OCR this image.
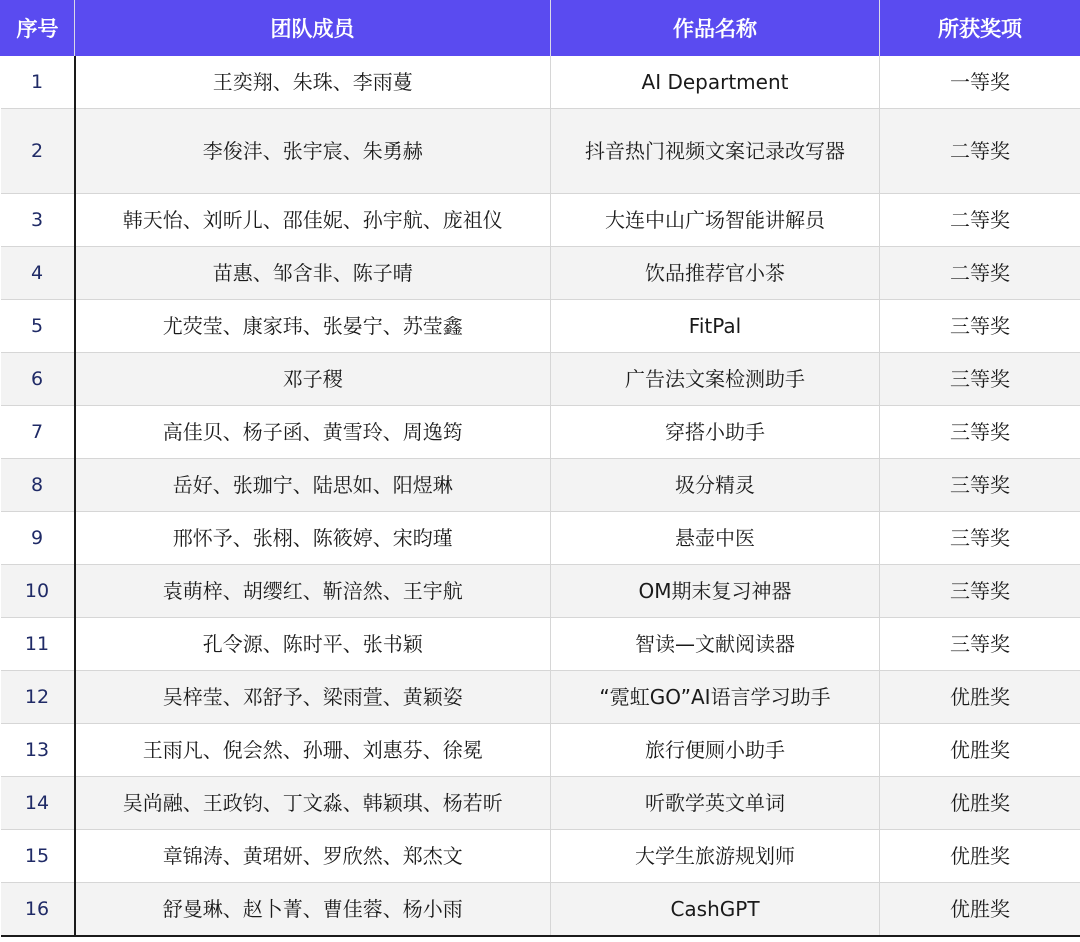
序号	团队成员	作品名称	所获奖项
1	王奕翔、朱珠、李雨蔓	AI Department	一等奖
2	李俊沣、张宇宸、朱勇赫	抖音热门视频文案记录改写器	二等奖
3	韩天怡、刘昕儿、邵佳妮、孙宇航、庞祖仪	大连中山广场智能讲解员	二等奖
4	苗惠、邹含非、陈子晴	饮品推荐官小茶	二等奖
5	尤荧莹、康家玮、张晏宁、苏莹鑫	FitPal	三等奖
6	邓子稷	广告法文案检测助手	三等奖
7	高佳贝、杨子函、黄雪玲、周逸筠	穿搭小助手	三等奖
8	岳好、张珈宁、陆思如、阳煜琳	圾分精灵	三等奖
9	邢怀予、张栩、陈筱婷、宋昀瑾	悬壶中医	三等奖
10	袁萌梓、胡缨红、靳涪然、王宇航	OM期末复习神器	三等奖
11	孔令源、陈时平、张书颖	智读—文献阅读器	三等奖
12	吴梓莹、邓舒予、梁雨萱、黄颖姿	“霓虹GO”AI语言学习助手	优胜奖
13	王雨凡、倪会然、孙珊、刘惠芬、徐冕	旅行便厕小助手	优胜奖
14	吴尚融、王政钧、丁文淼、韩颖琪、杨若昕	听歌学英文单词	优胜奖
15	章锦涛、黄珺妍、罗欣然、郑杰文	大学生旅游规划师	优胜奖
16	舒曼琳、赵卜菁、曹佳蓉、杨小雨	CashGPT	优胜奖
